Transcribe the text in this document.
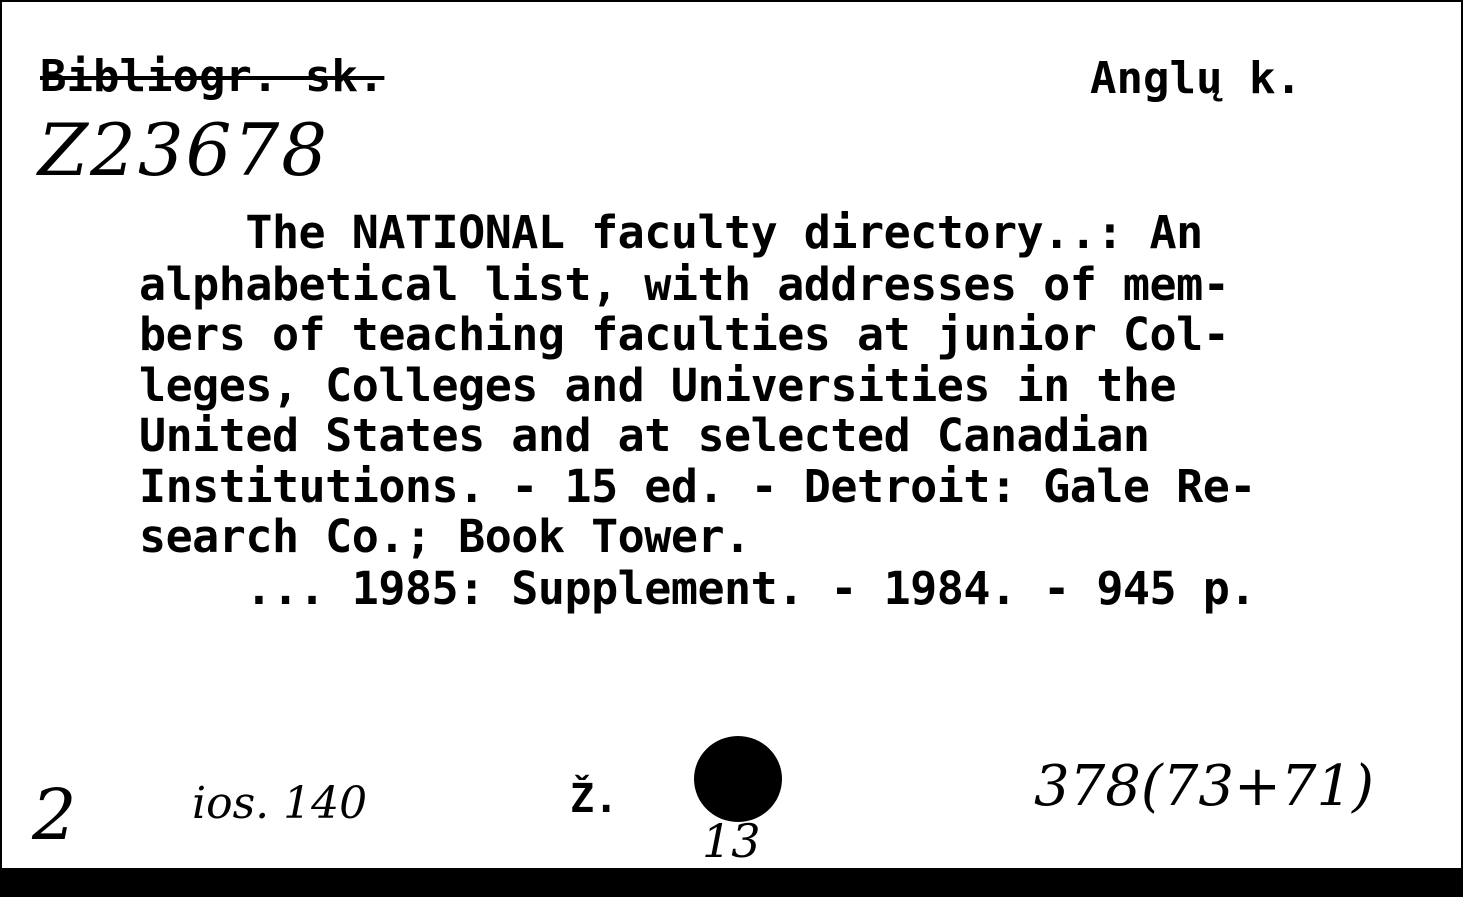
Bibliogr. sk.	Anglų k.
Z23678
The NATIONAL faculty directory..: An
alphabetical list, with addresses of mem-
bers of teaching faculties at junior Col-
leges, Colleges and Universities in the
United States and at selected Canadian
Institutions. - 15 ed. - Detroit: Gale Re-
search Co.; Book Tower.
... 1985: Supplement. - 1984. - 945 p.
2	ios. 140	Ž.
13
378(73+71)
